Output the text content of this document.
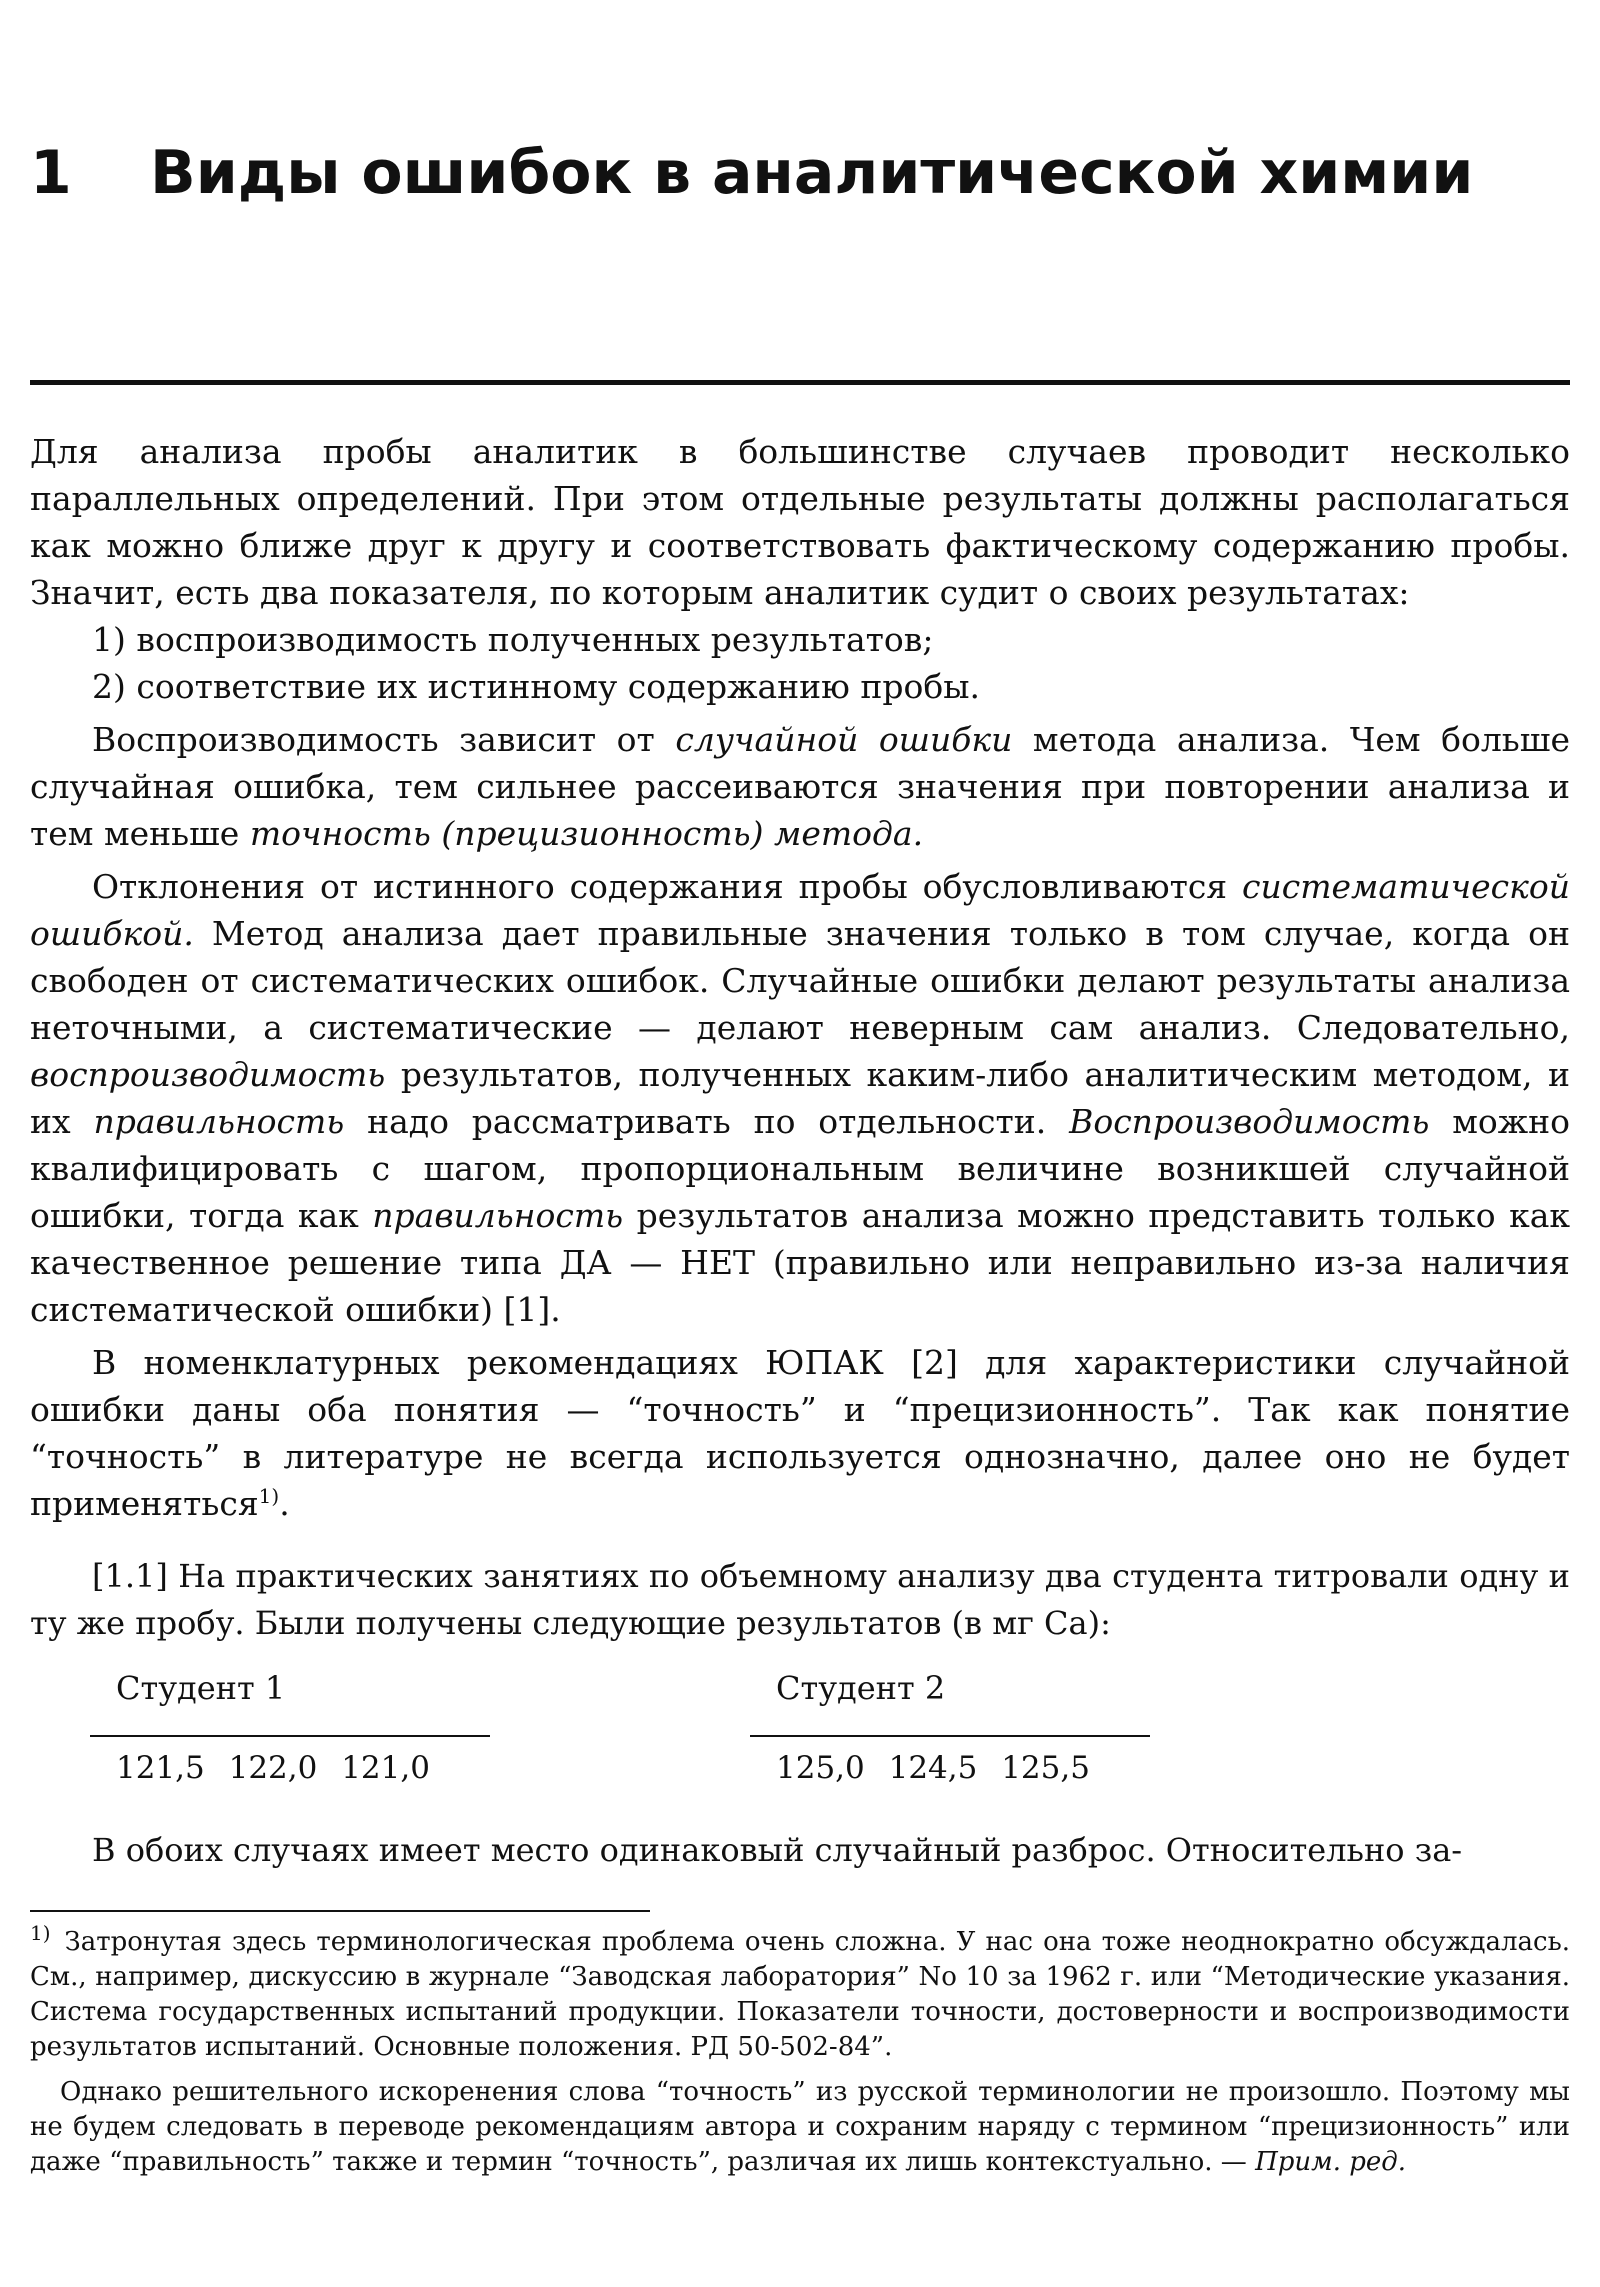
1 Виды ошибок в аналитической химии

Для анализа пробы аналитик в большинстве случаев проводит несколько параллельных определений. При этом отдельные результаты должны располагаться как можно ближе друг к другу и соответствовать фактическому содержанию пробы. Значит, есть два показателя, по которым аналитик судит о своих результатах:

1) воспроизводимость полученных результатов;

2) соответствие их истинному содержанию пробы.

Воспроизводимость зависит от случайной ошибки метода анализа. Чем больше случайная ошибка, тем сильнее рассеиваются значения при повторении анализа и тем меньше точность (прецизионность) метода.

Отклонения от истинного содержания пробы обусловливаются систематической ошибкой. Метод анализа дает правильные значения только в том случае, когда он свободен от систематических ошибок. Случайные ошибки делают результаты анализа неточными, а систематические — делают неверным сам анализ. Следовательно, воспроизводимость результатов, полученных каким-либо аналитическим методом, и их правильность надо рассматривать по отдельности. Воспроизводимость можно квалифицировать с шагом, пропорциональным величине возникшей случайной ошибки, тогда как правильность результатов анализа можно представить только как качественное решение типа ДА — НЕТ (правильно или неправильно из-за наличия систематической ошибки) [1].

В номенклатурных рекомендациях ЮПАК [2] для характеристики случайной ошибки даны оба понятия — “точность” и “прецизионность”. Так как понятие “точность” в литературе не всегда используется однозначно, далее оно не будет применяться$^{1)}$.

[1.1] На практических занятиях по объемному анализу два студента титровали одну и ту же пробу. Были получены следующие результатов (в мг Са):

Студент 1
121,5 122,0 121,0
Студент 2
125,0 124,5 125,5

В обоих случаях имеет место одинаковый случайный разброс. Относительно за-

$^{1)}$ Затронутая здесь терминологическая проблема очень сложна. У нас она тоже неоднократно обсуждалась. См., например, дискуссию в журнале “Заводская лаборатория” No 10 за 1962 г. или “Методические указания. Система государственных испытаний продукции. Показатели точности, достоверности и воспроизводимости результатов испытаний. Основные положения. РД 50-502-84”.

Однако решительного искоренения слова “точность” из русской терминологии не произошло. Поэтому мы не будем следовать в переводе рекомендациям автора и сохраним наряду с термином “прецизионность” или даже “правильность” также и термин “точность”, различая их лишь контекстуально. — Прим. ред.
